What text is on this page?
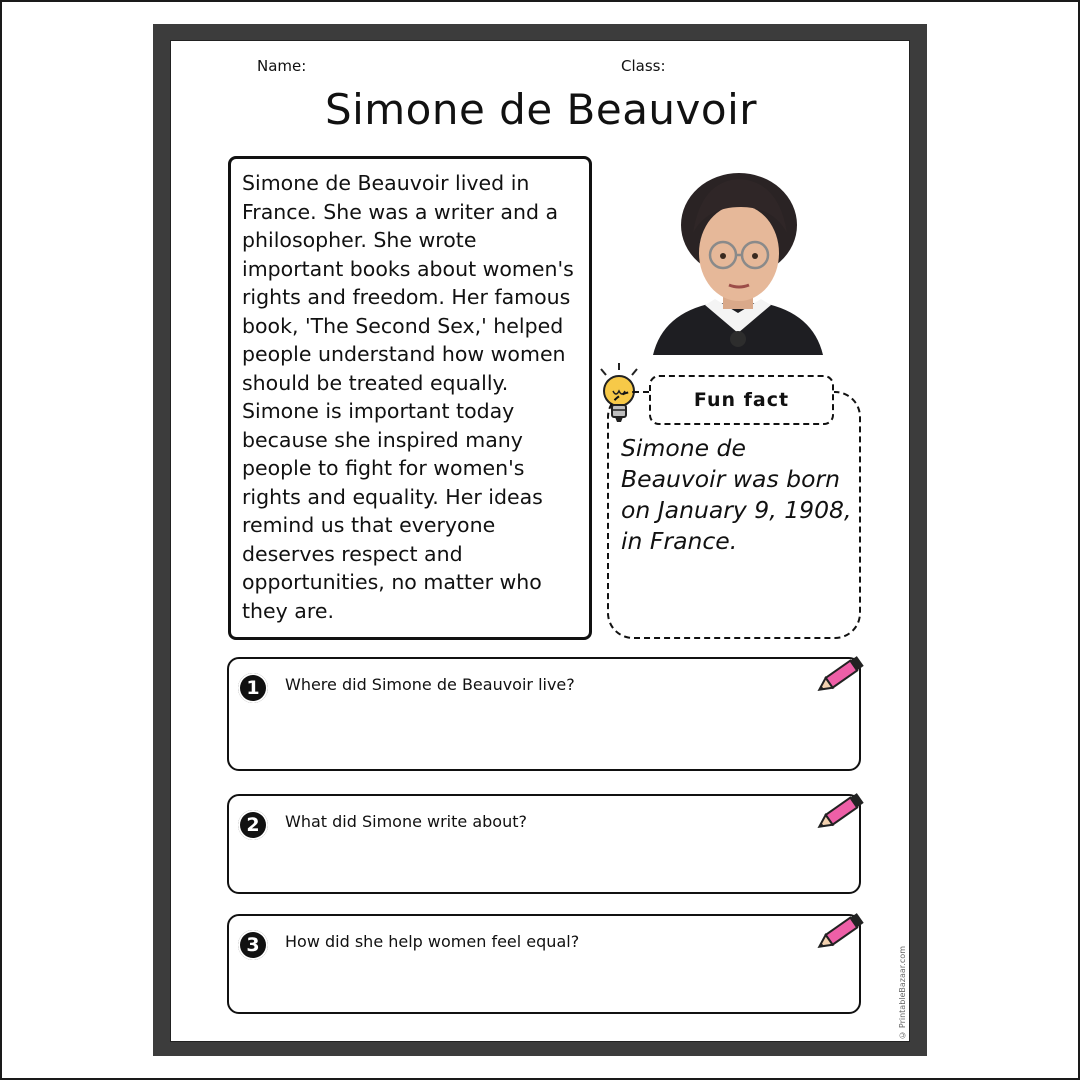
Name:	Class:
Simone de Beauvoir

Simone de Beauvoir lived in France. She was a writer and a philosopher. She wrote important books about women's rights and freedom. Her famous book, 'The Second Sex,' helped people understand how women should be treated equally. Simone is important today because she inspired many people to fight for women's rights and equality. Her ideas remind us that everyone deserves respect and opportunities, no matter who they are.

Fun fact

Simone de Beauvoir was born on January 9, 1908, in France.

1	Where did Simone de Beauvoir live?
2	What did Simone write about?
3	How did she help women feel equal?
© PrintableBazaar.com
